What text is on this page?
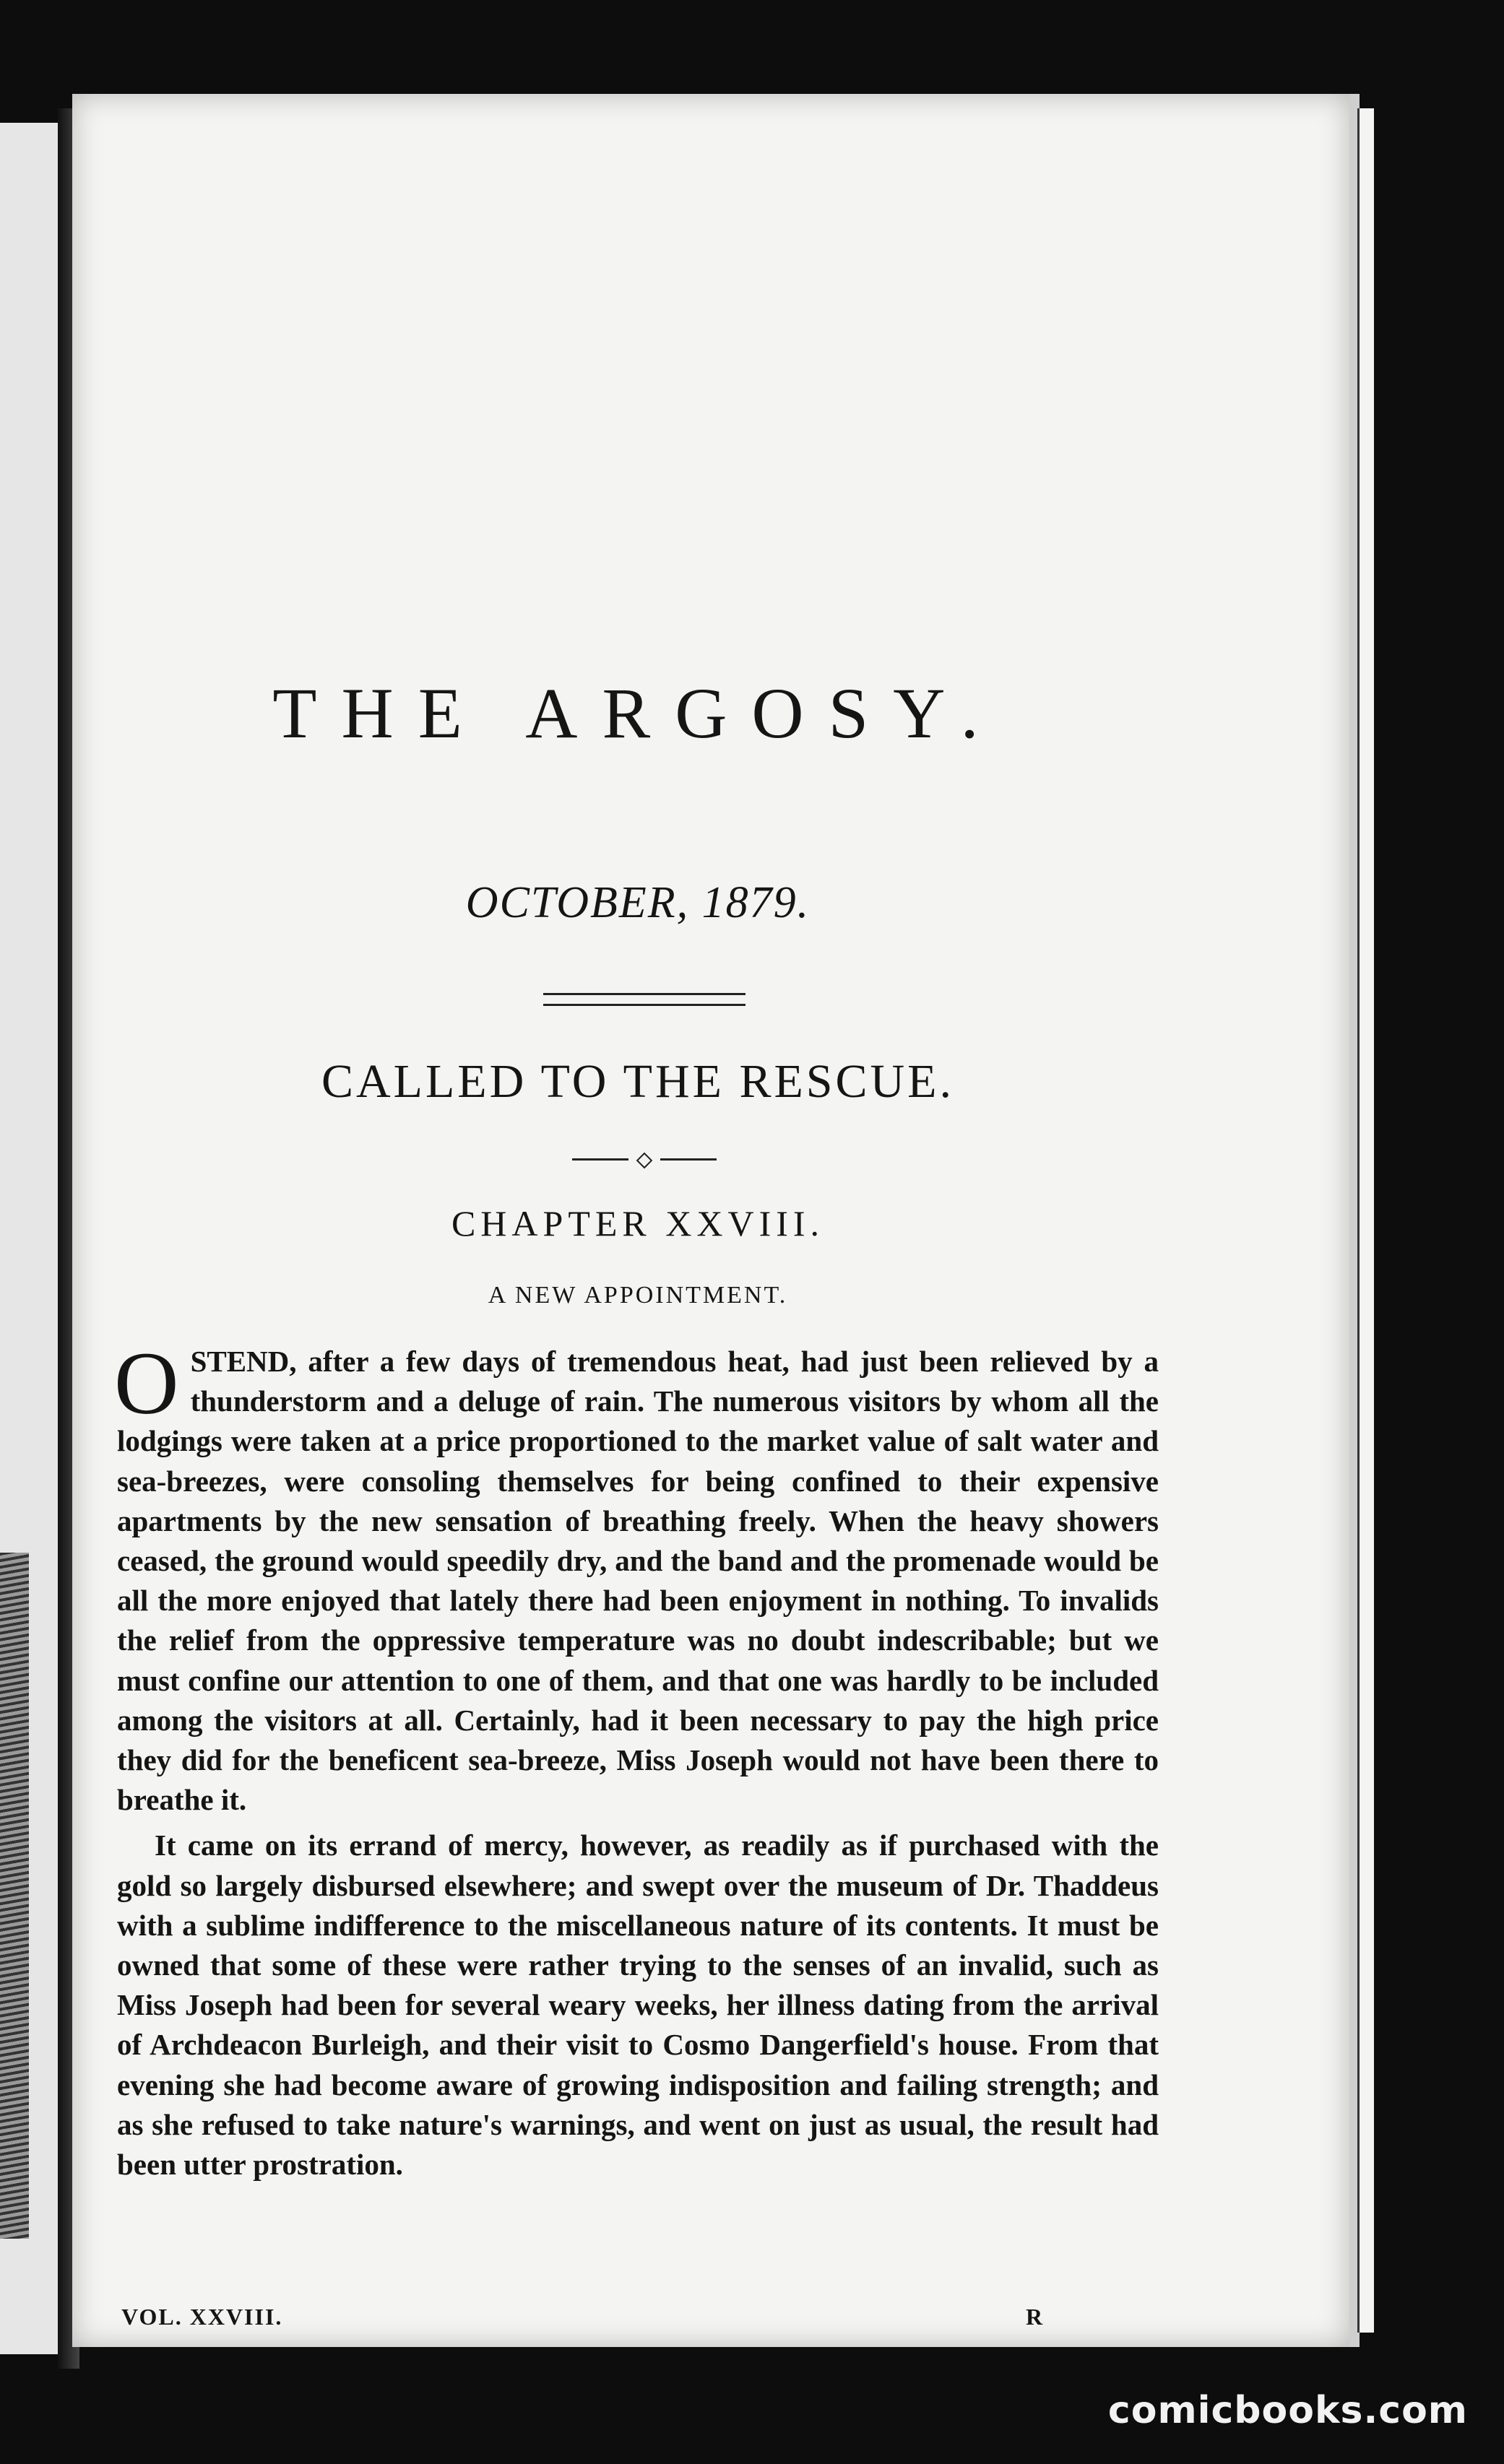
THE ARGOSY.
OCTOBER, 1879.
CALLED TO THE RESCUE.
CHAPTER XXVIII.
A NEW APPOINTMENT.

OSTEND, after a few days of tremendous heat, had just been relieved by a thunderstorm and a deluge of rain. The numerous visitors by whom all the lodgings were taken at a price proportioned to the market value of salt water and sea-breezes, were consoling themselves for being confined to their expensive apartments by the new sensation of breathing freely. When the heavy showers ceased, the ground would speedily dry, and the band and the promenade would be all the more enjoyed that lately there had been enjoyment in nothing. To invalids the relief from the oppressive temperature was no doubt indescribable; but we must confine our attention to one of them, and that one was hardly to be included among the visitors at all. Certainly, had it been necessary to pay the high price they did for the beneficent sea-breeze, Miss Joseph would not have been there to breathe it.

It came on its errand of mercy, however, as readily as if purchased with the gold so largely disbursed elsewhere; and swept over the museum of Dr. Thaddeus with a sublime indifference to the miscellaneous nature of its contents. It must be owned that some of these were rather trying to the senses of an invalid, such as Miss Joseph had been for several weary weeks, her illness dating from the arrival of Archdeacon Burleigh, and their visit to Cosmo Dangerfield's house. From that evening she had become aware of growing indisposition and failing strength; and as she refused to take nature's warnings, and went on just as usual, the result had been utter prostration.

VOL. XXVIII.	R
comicbooks.com
